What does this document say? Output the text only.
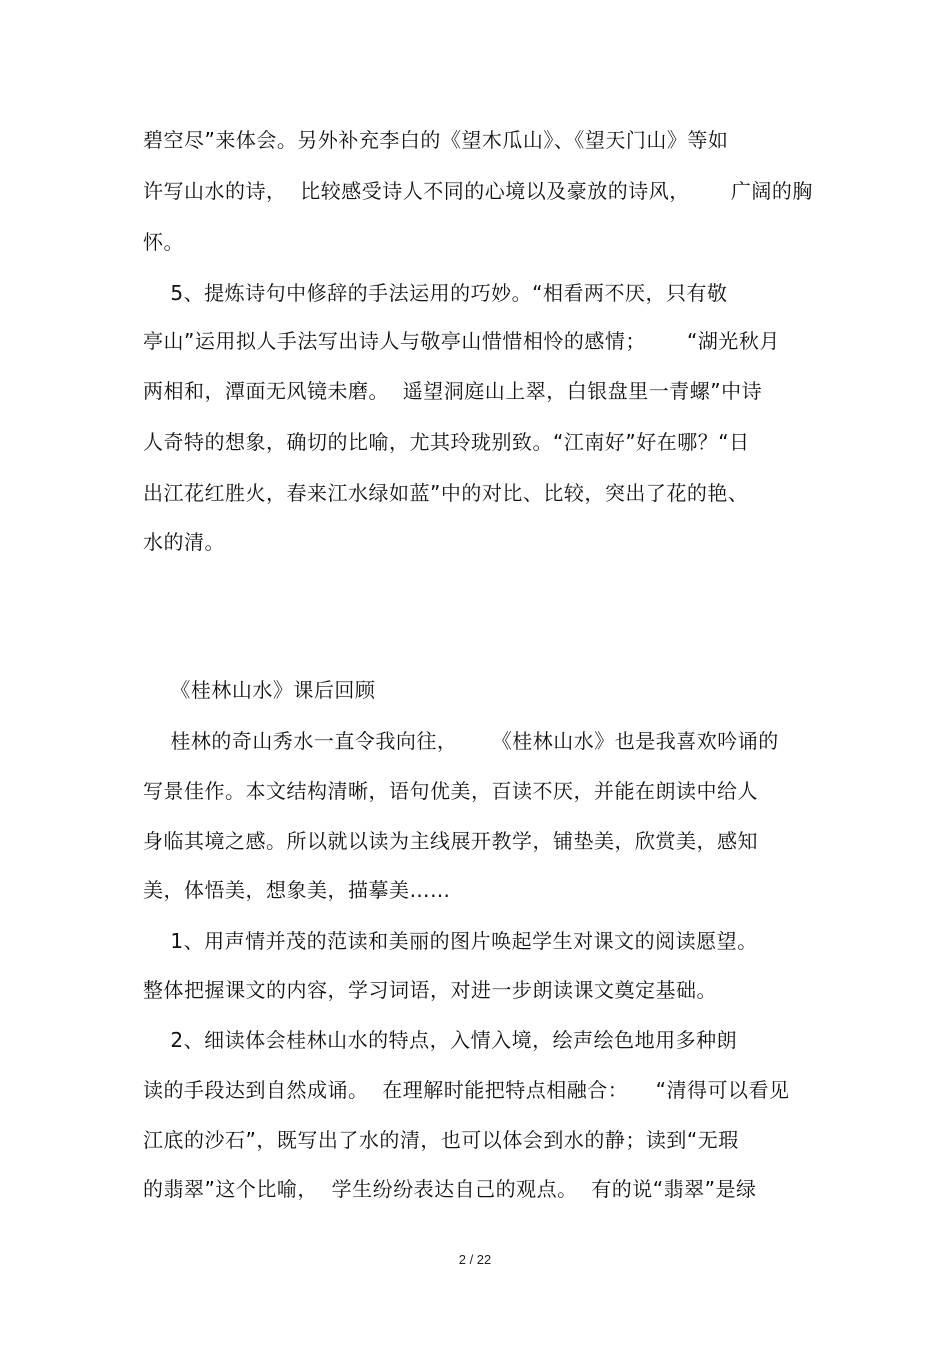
碧空尽”来体会。另外补充李白的《望木瓜山》、《望天门山》等如
许写山水的诗，  比较感受诗人不同的心境以及豪放的诗风，      广阔的胸
怀。
5、提炼诗句中修辞的手法运用的巧妙。“相看两不厌，只有敬
亭山”运用拟人手法写出诗人与敬亭山惜惜相怜的感情；      “湖光秋月
两相和，潭面无风镜未磨。  遥望洞庭山上翠，白银盘里一青螺”中诗
人奇特的想象，确切的比喻，尤其玲珑别致。“江南好”好在哪？“日
出江花红胜火，春来江水绿如蓝”中的对比、比较，突出了花的艳、
水的清。
《桂林山水》课后回顾
桂林的奇山秀水一直令我向往，     《桂林山水》也是我喜欢吟诵的
写景佳作。本文结构清晰，语句优美，百读不厌，并能在朗读中给人
身临其境之感。所以就以读为主线展开教学，铺垫美，欣赏美，感知
美，体悟美，想象美，描摹美……
1、用声情并茂的范读和美丽的图片唤起学生对课文的阅读愿望。
整体把握课文的内容，学习词语，对进一步朗读课文奠定基础。
2、细读体会桂林山水的特点，入情入境，绘声绘色地用多种朗
读的手段达到自然成诵。  在理解时能把特点相融合：    “清得可以看见
江底的沙石”，既写出了水的清，也可以体会到水的静；读到“无瑕
的翡翠”这个比喻，  学生纷纷表达自己的观点。  有的说“翡翠”是绿
2 / 22
